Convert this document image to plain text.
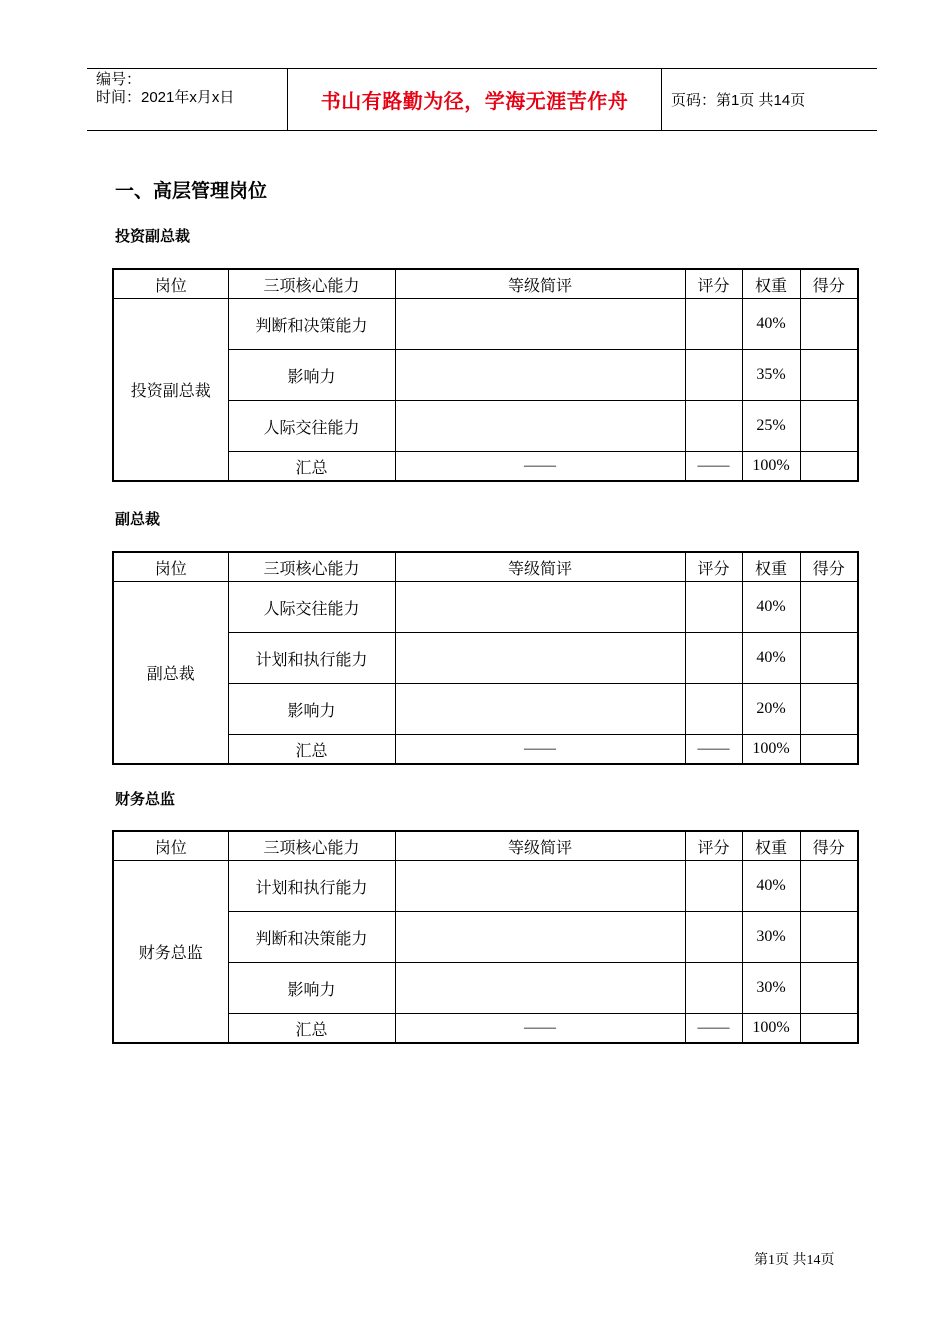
编号：
时间：2021年x月x日	书山有路勤为径，学海无涯苦作舟	页码：第1页 共14页
一、高层管理岗位
投资副总裁
岗位	三项核心能力	等级简评	评分	权重	得分
投资副总裁	判断和决策能力			40%	
	影响力			35%	
	人际交往能力			25%	
	汇总	——	——	100%	
副总裁
岗位	三项核心能力	等级简评	评分	权重	得分
副总裁	人际交往能力			40%	
	计划和执行能力			40%	
	影响力			20%	
	汇总	——	——	100%	
财务总监
岗位	三项核心能力	等级简评	评分	权重	得分
财务总监	计划和执行能力			40%	
	判断和决策能力			30%	
	影响力			30%	
	汇总	——	——	100%	
第1页 共14页
